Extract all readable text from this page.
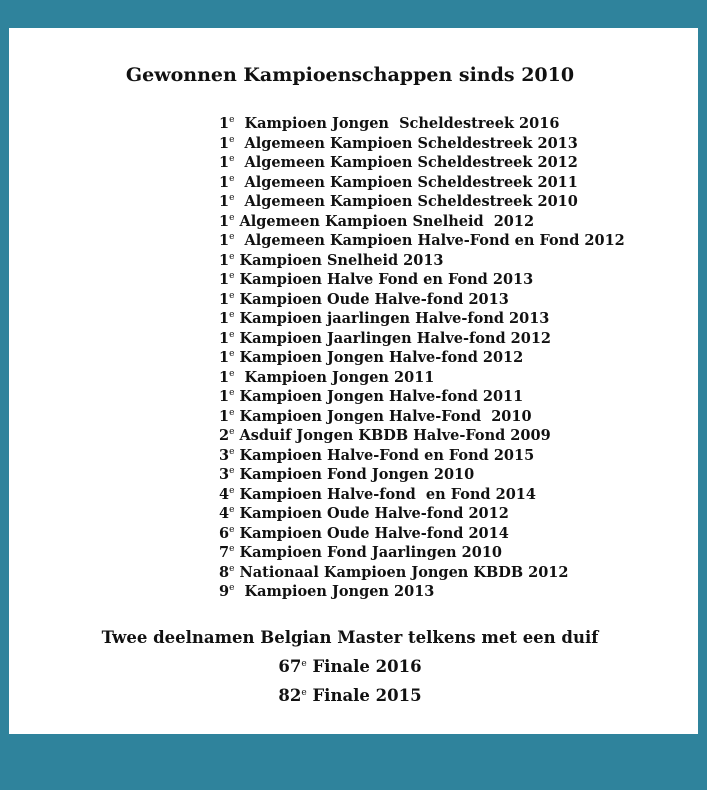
Gewonnen Kampioenschappen sinds 2010
1e  Kampioen Jongen  Scheldestreek 2016
1e  Algemeen Kampioen Scheldestreek 2013
1e  Algemeen Kampioen Scheldestreek 2012
1e  Algemeen Kampioen Scheldestreek 2011
1e  Algemeen Kampioen Scheldestreek 2010
1e Algemeen Kampioen Snelheid  2012
1e  Algemeen Kampioen Halve-Fond en Fond 2012
1e Kampioen Snelheid 2013
1e Kampioen Halve Fond en Fond 2013
1e Kampioen Oude Halve-fond 2013
1e Kampioen jaarlingen Halve-fond 2013
1e Kampioen Jaarlingen Halve-fond 2012
1e Kampioen Jongen Halve-fond 2012
1e  Kampioen Jongen 2011
1e Kampioen Jongen Halve-fond 2011
1e Kampioen Jongen Halve-Fond  2010
2e Asduif Jongen KBDB Halve-Fond 2009
3e Kampioen Halve-Fond en Fond 2015
3e Kampioen Fond Jongen 2010
4e Kampioen Halve-fond  en Fond 2014
4e Kampioen Oude Halve-fond 2012
6e Kampioen Oude Halve-fond 2014
7e Kampioen Fond Jaarlingen 2010
8e Nationaal Kampioen Jongen KBDB 2012
9e  Kampioen Jongen 2013
Twee deelnamen Belgian Master telkens met een duif
67e Finale 2016
82e Finale 2015
